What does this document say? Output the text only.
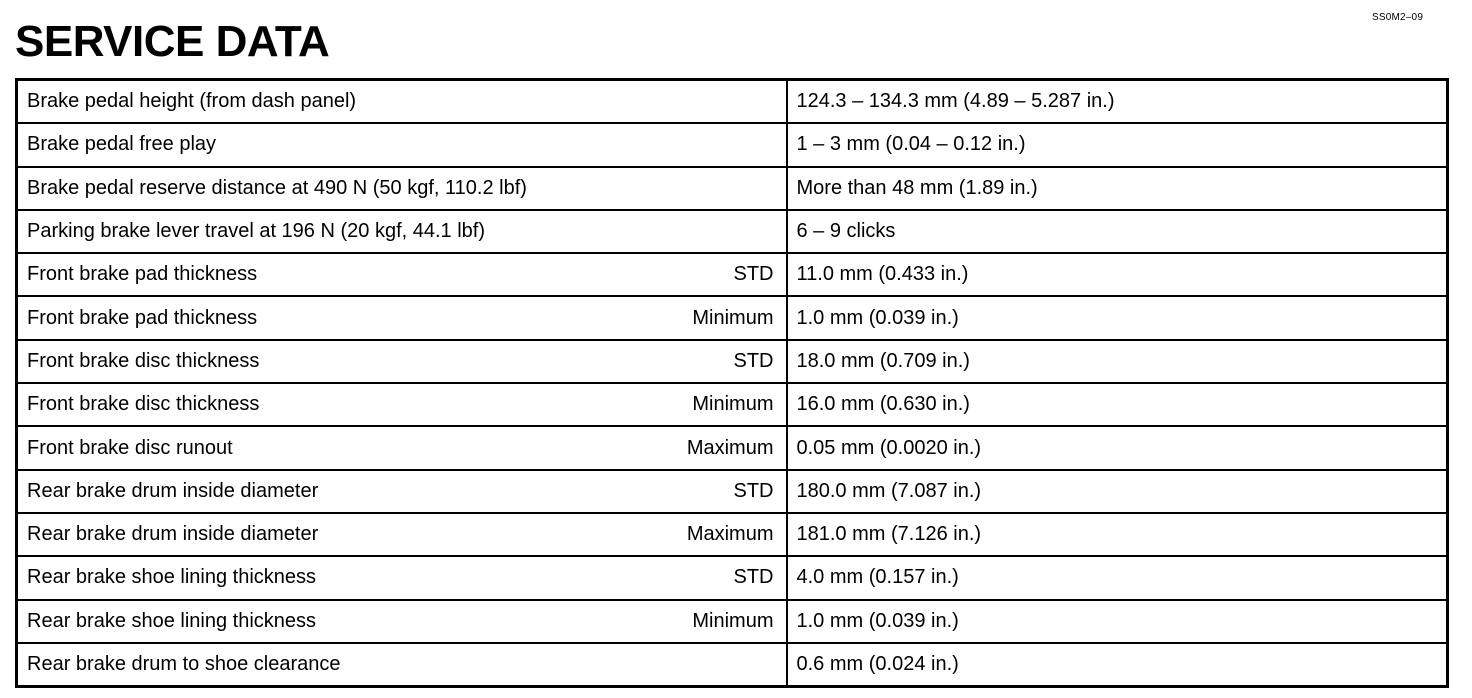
SS0M2–09
SERVICE DATA
Brake pedal height (from dash panel)	124.3 – 134.3 mm (4.89 – 5.287 in.)

Brake pedal free play	1 – 3 mm (0.04 – 0.12 in.)

Brake pedal reserve distance at 490 N (50 kgf, 110.2 lbf)	More than 48 mm (1.89 in.)

Parking brake lever travel at 196 N (20 kgf, 44.1 lbf)	6 – 9 clicks

Front brake pad thickness STD	11.0 mm (0.433 in.)

Front brake pad thickness Minimum	1.0 mm (0.039 in.)

Front brake disc thickness STD	18.0 mm (0.709 in.)

Front brake disc thickness Minimum	16.0 mm (0.630 in.)

Front brake disc runout Maximum	0.05 mm (0.0020 in.)

Rear brake drum inside diameter STD	180.0 mm (7.087 in.)

Rear brake drum inside diameter Maximum	181.0 mm (7.126 in.)

Rear brake shoe lining thickness STD	4.0 mm (0.157 in.)

Rear brake shoe lining thickness Minimum	1.0 mm (0.039 in.)

Rear brake drum to shoe clearance	0.6 mm (0.024 in.)
